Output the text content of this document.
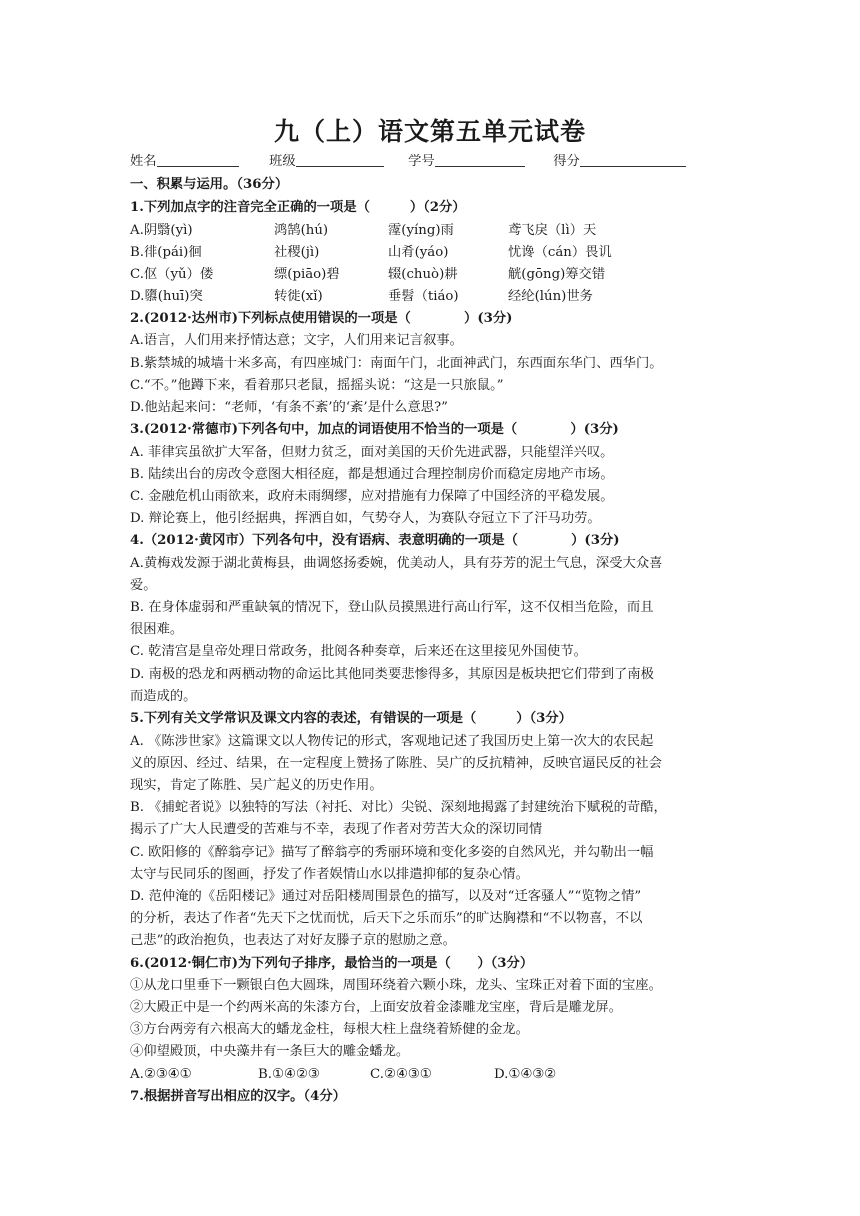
九（上）语文第五单元试卷
姓名	班级	学号	得分
一、积累与运用。（36分）
1.下列加点字的注音完全正确的一项是（　　　）（2分）
A.阴翳(yì)	鸿鹄(hú)	霪(yíng)雨	鸢飞戾（lì）天
B.徘(pái)徊	社稷(jì)	山肴(yáo)	忧谗（cán）畏讥
C.伛（yǔ）偻	缥(piāo)碧	辍(chuò)耕	觥(gōng)筹交错
D.隳(huī)突	转徙(xǐ)	垂髫（tiáo)	经纶(lún)世务
2.(2012·达州市)下列标点使用错误的一项是（　　　　）(3分)
A.语言，人们用来抒情达意；文字，人们用来记言叙事。
B.紫禁城的城墙十米多高，有四座城门：南面午门，北面神武门，东西面东华门、西华门。
C.“不。”他蹲下来，看着那只老鼠，摇摇头说：“这是一只旅鼠。”
D.他站起来问：“老师，‘有条不紊’的‘紊’是什么意思?”
3.(2012·常德市)下列各句中，加点的词语使用不恰当的一项是（　　　　）(3分)
A. 菲律宾虽欲扩大军备，但财力贫乏，面对美国的天价先进武器，只能望洋兴叹。
B. 陆续出台的房改令意图大相径庭，都是想通过合理控制房价而稳定房地产市场。
C. 金融危机山雨欲来，政府未雨绸缪，应对措施有力保障了中国经济的平稳发展。
D. 辩论赛上，他引经据典，挥洒自如，气势夺人，为赛队夺冠立下了汗马功劳。
4.（2012·黄冈市）下列各句中，没有语病、表意明确的一项是（　　　　）(3分)
A.黄梅戏发源于湖北黄梅县，曲调悠扬委婉，优美动人，具有芬芳的泥土气息，深受大众喜
爱。
B. 在身体虚弱和严重缺氧的情况下，登山队员摸黑进行高山行军，这不仅相当危险，而且
很困难。
C. 乾清宫是皇帝处理日常政务，批阅各种奏章，后来还在这里接见外国使节。
D. 南极的恐龙和两栖动物的命运比其他同类要悲惨得多，其原因是板块把它们带到了南极
而造成的。
5.下列有关文学常识及课文内容的表述，有错误的一项是（　　　）（3分）
A. 《陈涉世家》这篇课文以人物传记的形式，客观地记述了我国历史上第一次大的农民起
义的原因、经过、结果，在一定程度上赞扬了陈胜、吴广的反抗精神，反映官逼民反的社会
现实，肯定了陈胜、吴广起义的历史作用。
B. 《捕蛇者说》以独特的写法（衬托、对比）尖锐、深刻地揭露了封建统治下赋税的苛酷，
揭示了广大人民遭受的苦难与不幸，表现了作者对劳苦大众的深切同情
C. 欧阳修的《醉翁亭记》描写了醉翁亭的秀丽环境和变化多姿的自然风光，并勾勒出一幅
太守与民同乐的图画，抒发了作者娱情山水以排遣抑郁的复杂心情。
D. 范仲淹的《岳阳楼记》通过对岳阳楼周围景色的描写，以及对“迁客骚人”“览物之情”
的分析，表达了作者“先天下之忧而忧，后天下之乐而乐”的旷达胸襟和“不以物喜，不以
己悲”的政治抱负，也表达了对好友滕子京的慰励之意。
6.(2012·铜仁市)为下列句子排序，最恰当的一项是（　　）（3分）
①从龙口里垂下一颗银白色大圆珠，周围环绕着六颗小珠，龙头、宝珠正对着下面的宝座。
②大殿正中是一个约两米高的朱漆方台，上面安放着金漆雕龙宝座，背后是雕龙屏。
③方台两旁有六根高大的蟠龙金柱，每根大柱上盘绕着矫健的金龙。
④仰望殿顶，中央藻井有一条巨大的雕金蟠龙。
A.②③④①	B.①④②③	C.②④③①	D.①④③②
7.根据拼音写出相应的汉字。（4分）
